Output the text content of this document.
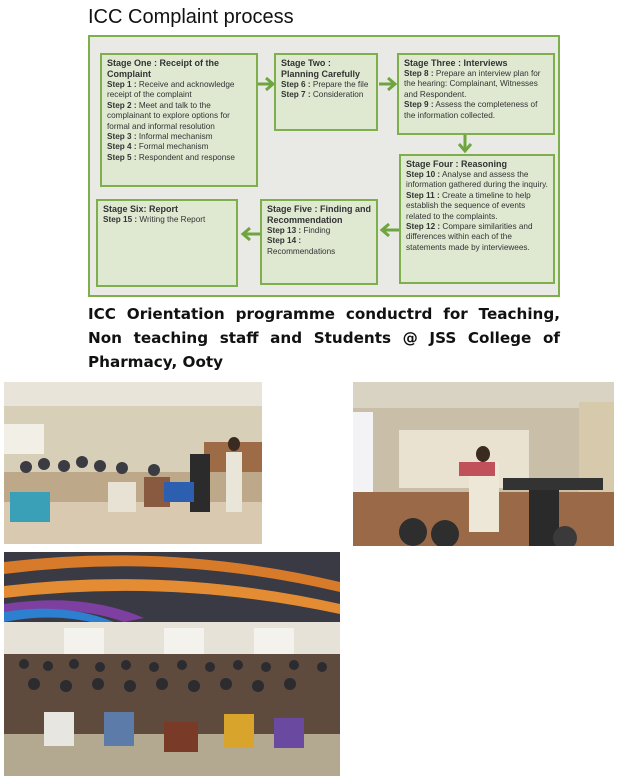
ICC Complaint process
Stage One : Receipt of the Complaint
Step 1 : Receive and acknowledge receipt of the complaint
Step 2 : Meet and talk to the complainant to explore options for formal and informal resolution
Step 3 : Informal mechanism
Step 4 : Formal mechanism
Step 5 : Respondent and response
Stage Two : Planning Carefully
Step 6 : Prepare the file
Step 7 : Consideration
Stage Three : Interviews
Step 8 : Prepare an interview plan for the hearing: Complainant, Witnesses and Respondent.
Step 9 : Assess the completeness of the information collected.
Stage Four : Reasoning
Step 10 : Analyse and assess the information gathered during the inquiry.
Step 11 : Create a timeline to help establish the sequence of events related to the complaints.
Step 12 : Compare similarities and differences within each of the statements made by interviewees.
Stage Five : Finding and Recommendation
Step 13 : Finding
Step 14 : Recommendations
Stage Six: Report
Step 15 : Writing the Report
ICC Orientation programme conductrd for Teaching, Non teaching staff and Students @ JSS College of Pharmacy, Ooty
